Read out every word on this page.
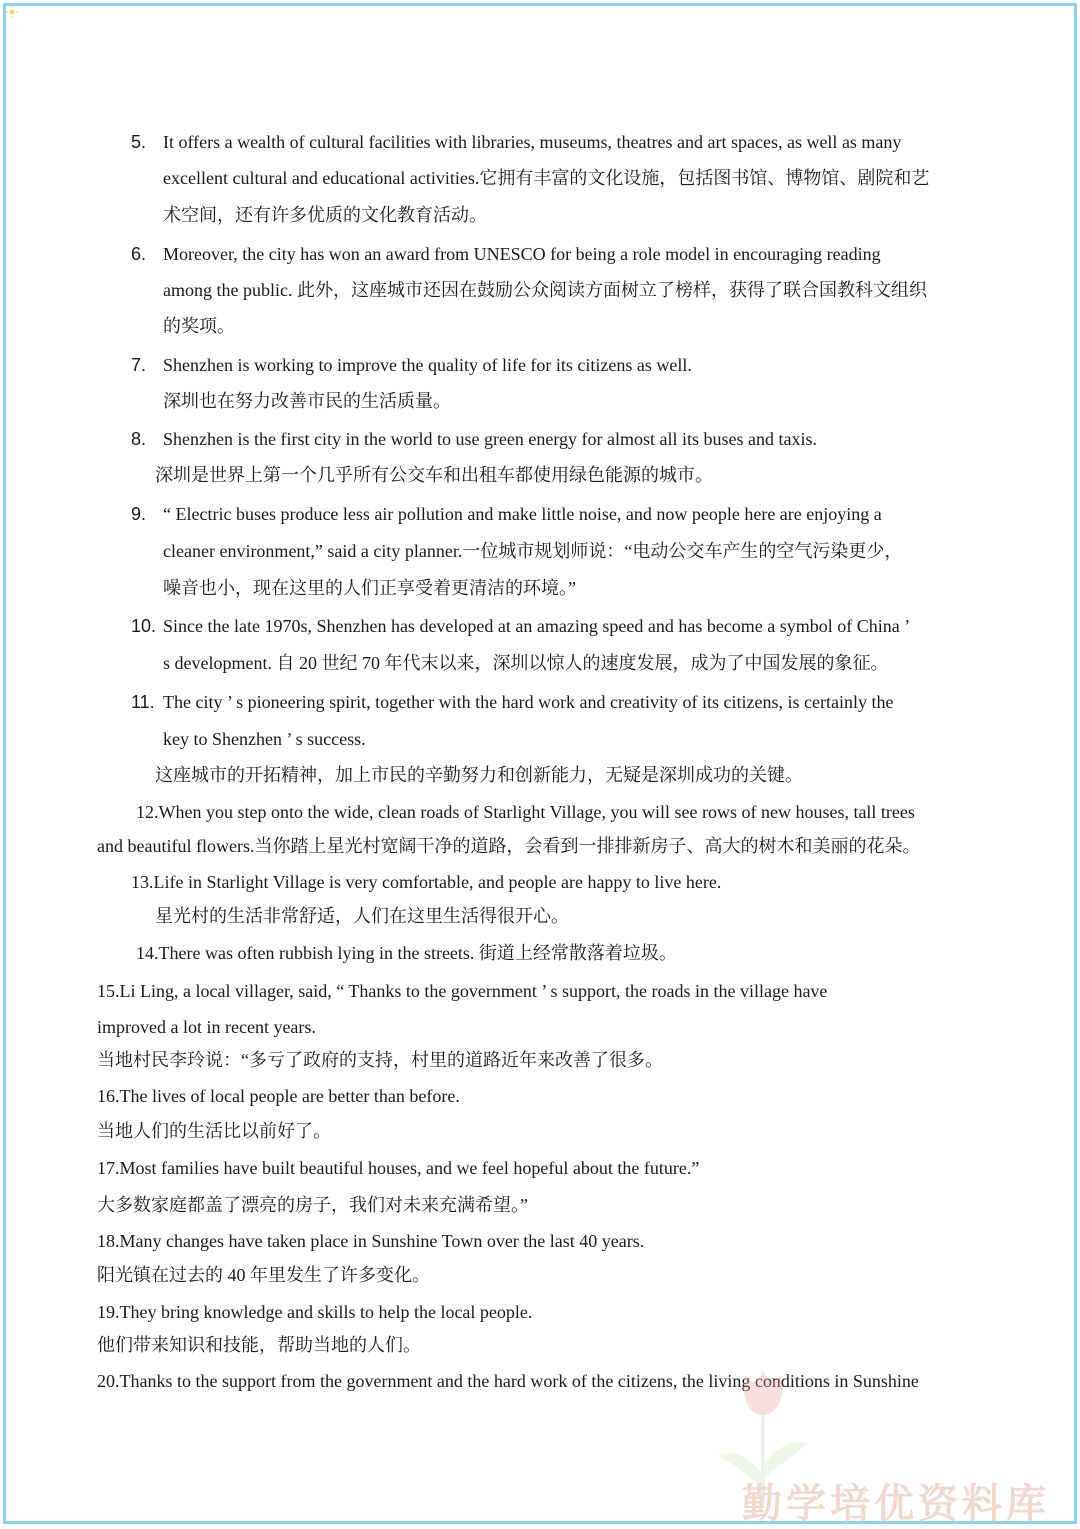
5. It offers a wealth of cultural facilities with libraries, museums, theatres and art spaces, as well as many
excellent cultural and educational activities.它拥有丰富的文化设施，包括图书馆、博物馆、剧院和艺
术空间，还有许多优质的文化教育活动。
6. Moreover, the city has won an award from UNESCO for being a role model in encouraging reading
among the public. 此外，这座城市还因在鼓励公众阅读方面树立了榜样，获得了联合国教科文组织
的奖项。
7. Shenzhen is working to improve the quality of life for its citizens as well.
深圳也在努力改善市民的生活质量。
8. Shenzhen is the first city in the world to use green energy for almost all its buses and taxis.
深圳是世界上第一个几乎所有公交车和出租车都使用绿色能源的城市。
9. “ Electric buses produce less air pollution and make little noise, and now people here are enjoying a
cleaner environment,” said a city planner.一位城市规划师说：“电动公交车产生的空气污染更少，
噪音也小，现在这里的人们正享受着更清洁的环境。”
10. Since the late 1970s, Shenzhen has developed at an amazing speed and has become a symbol of China ’
s development. 自 20 世纪 70 年代末以来，深圳以惊人的速度发展，成为了中国发展的象征。
11. The city ’ s pioneering spirit, together with the hard work and creativity of its citizens, is certainly the
key to Shenzhen ’ s success.
这座城市的开拓精神，加上市民的辛勤努力和创新能力，无疑是深圳成功的关键。
12.When you step onto the wide, clean roads of Starlight Village, you will see rows of new houses, tall trees
and beautiful flowers.当你踏上星光村宽阔干净的道路，会看到一排排新房子、高大的树木和美丽的花朵。
13.Life in Starlight Village is very comfortable, and people are happy to live here.
星光村的生活非常舒适，人们在这里生活得很开心。
14.There was often rubbish lying in the streets. 街道上经常散落着垃圾。
15.Li Ling, a local villager, said, “ Thanks to the government ’ s support, the roads in the village have
improved a lot in recent years.
当地村民李玲说：“多亏了政府的支持，村里的道路近年来改善了很多。
16.The lives of local people are better than before.
当地人们的生活比以前好了。
17.Most families have built beautiful houses, and we feel hopeful about the future.”
大多数家庭都盖了漂亮的房子，我们对未来充满希望。”
18.Many changes have taken place in Sunshine Town over the last 40 years.
阳光镇在过去的 40 年里发生了许多变化。
19.They bring knowledge and skills to help the local people.
他们带来知识和技能，帮助当地的人们。
20.Thanks to the support from the government and the hard work of the citizens, the living conditions in Sunshine
勤学培优资料库
